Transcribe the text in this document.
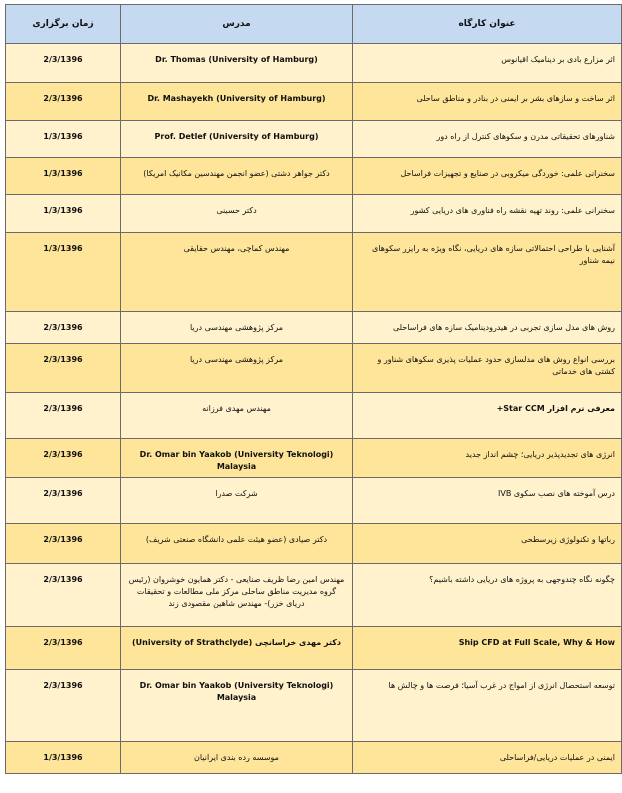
عنوان کارگاه	مدرس	زمان برگزاری
اثر مزارع بادی بر دینامیک اقیانوس	(Dr. Thomas (University of Hamburg	2/3/1396
اثر ساخت و سازهای بشر بر ایمنی در بنادر و مناطق ساحلی	(Dr. Mashayekh (University of Hamburg	2/3/1396
شناورهای تحقیقاتی مدرن و سکوهای کنترل از راه دور	(Prof. Detlef (University of Hamburg	1/3/1396
سخنرانی علمی: خوردگی میکروبی در صنایع و تجهیزات فراساحل	دکتر جواهر دشتی (عضو انجمن مهندسین مکانیک امریکا)	1/3/1396
سخنرانی علمی: روند تهیه نقشه راه فناوری های دریایی کشور	دکتر حسینی	1/3/1396
آشنایی با طراحی احتمالاتی سازه های دریایی، نگاه ویژه به رایزر سکوهای نیمه شناور	مهندس کماچی، مهندس حقایقی	1/3/1396
روش های مدل سازی تجربی در هیدرودینامیک سازه های فراساحلی	مرکز پژوهشی مهندسی دریا	2/3/1396
بررسی انواع روش های مدلسازی حدود عملیات پذیری سکوهای شناور و کشتی های خدماتی	مرکز پژوهشی مهندسی دریا	2/3/1396
معرفی نرم افزار Star CCM+	مهندس مهدی فرزانه	2/3/1396
انرژی های تجدیدپذیر دریایی؛ چشم انداز جدید	(Dr. Omar bin Yaakob (University Teknologi Malaysia	2/3/1396
درس آموخته های نصب سکوی IVB	شرکت صدرا	2/3/1396
رباتها و تکنولوژی زیرسطحی	دکتر صیادی (عضو هیئت علمی دانشگاه صنعتی شریف)	2/3/1396
چگونه نگاه چندوجهی به پروژه های دریایی داشته باشیم؟	مهندس امین رضا ظریف صنایعی - دکتر همایون خوشروان (رئیس گروه مدیریت مناطق ساحلی مرکز ملی مطالعات و تحقیقات دریای خزر)- مهندس شاهین مقصودی زند	2/3/1396
Ship CFD at Full Scale, Why & How	دکتر مهدی خراسانچی (University of Strathclyde)	2/3/1396
توسعه استحصال انرژی از امواج در غرب آسیا؛ فرصت ها و چالش ها	(Dr. Omar bin Yaakob (University Teknologi Malaysia	2/3/1396
ایمنی در عملیات دریایی/فراساحلی	موسسه رده بندی ایرانیان	1/3/1396
